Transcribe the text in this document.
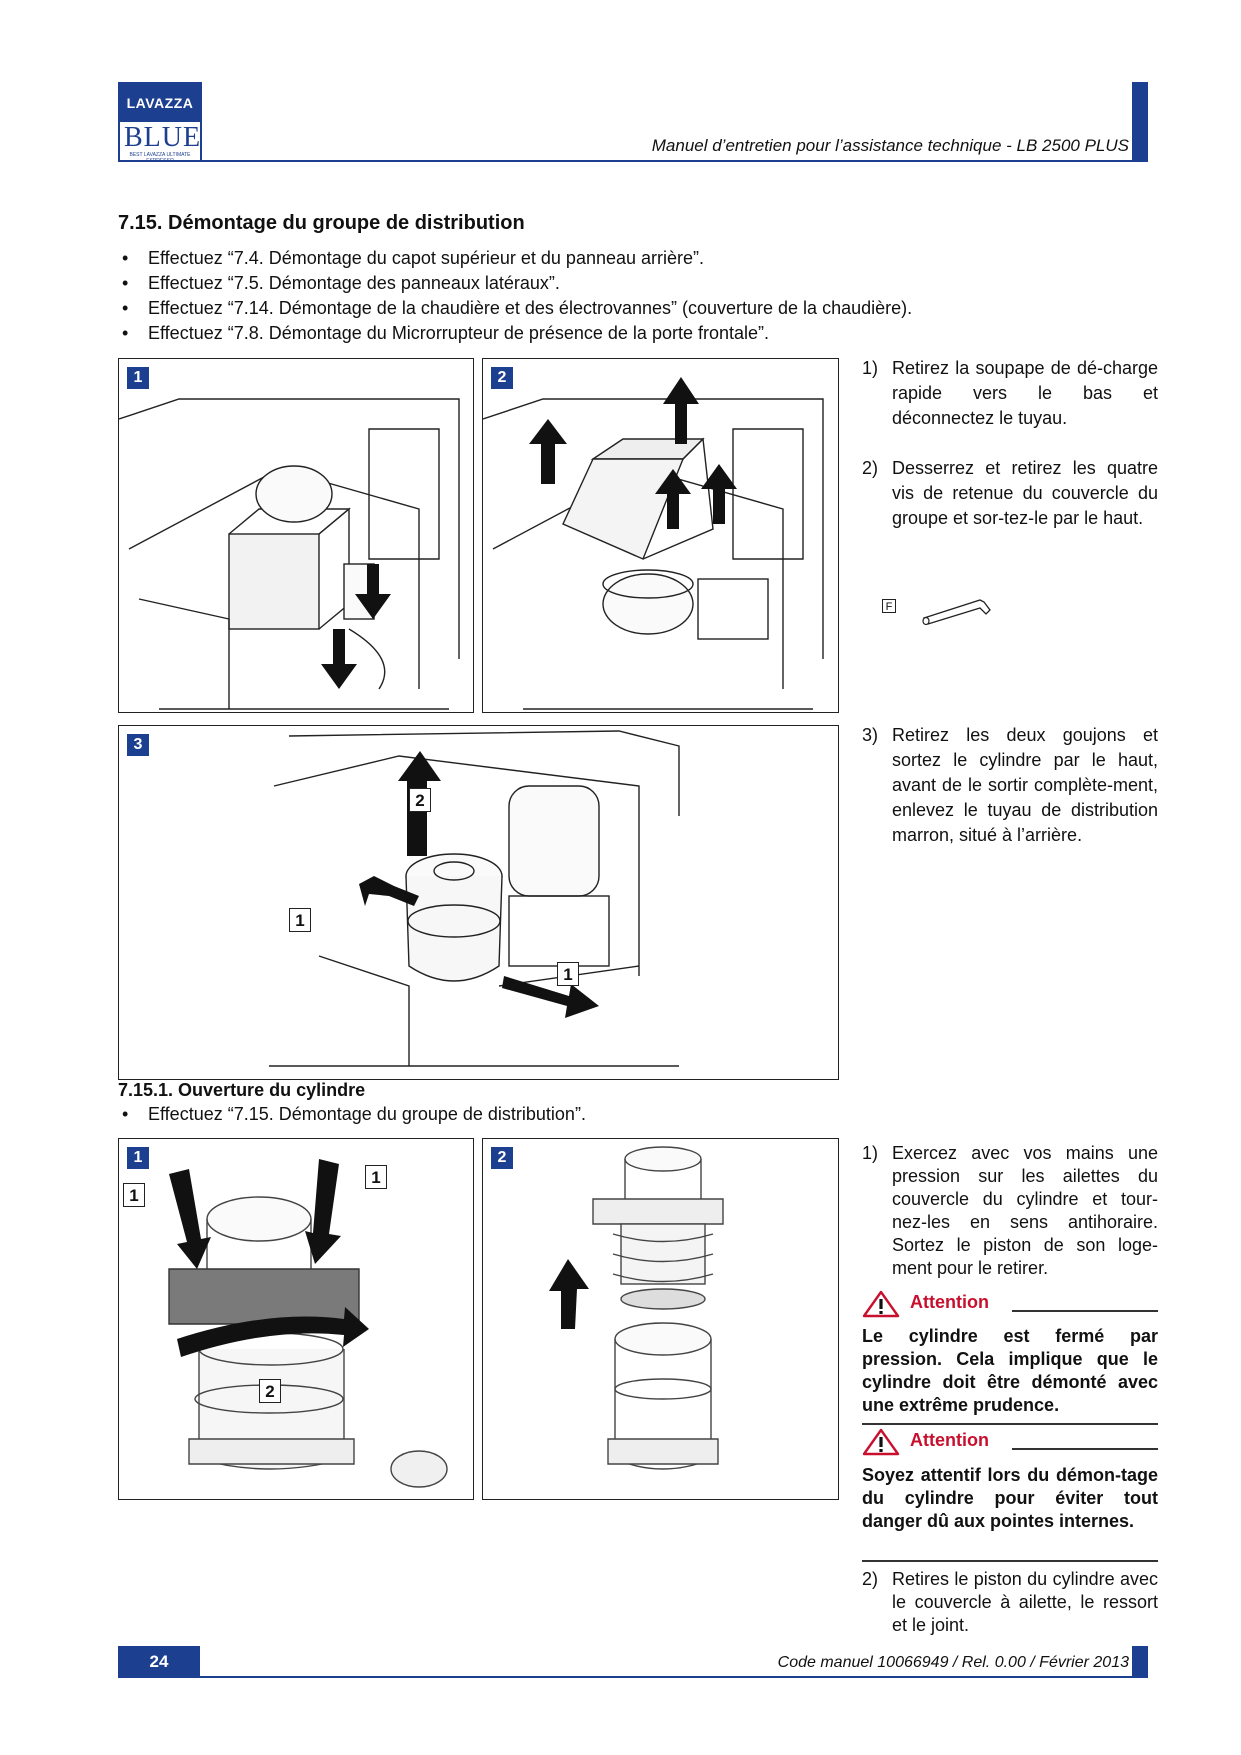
LAVAZZA
BLUE
BEST LAVAZZA ULTIMATE	Manuel d’entretien pour l’assistance technique - LB 2500 PLUS
7.15. Démontage du groupe de distribution
• Effectuez “7.4. Démontage du capot supérieur et du panneau arrière”.
• Effectuez “7.5. Démontage des panneaux latéraux”.
• Effectuez “7.14. Démontage de la chaudière et des électrovannes” (couverture de la chaudière).
• Effectuez “7.8. Démontage du Microrrupteur de présence de la porte frontale”.
1	2	1) Retirez la soupape de dé-charge rapide vers le bas et déconnectez le tuyau.
2) Desserrez et retirez les quatre vis de retenue du couvercle du groupe et sor-tez-le par le haut.
F
3
2
1
1
3) Retirez les deux goujons et sortez le cylindre par le haut, avant de le sortir complète-ment, enlevez le tuyau de distribution marron, situé à l’arrière.
7.15.1. Ouverture du cylindre
• Effectuez “7.15. Démontage du groupe de distribution”.
1
1
1
2
2	1) Exercez avec vos mains une pression sur les ailettes du couvercle du cylindre et tour-nez-les en sens antihoraire. Sortez le piston de son loge-ment pour le retirer.
Attention
Le cylindre est fermé par pression. Cela implique que le cylindre doit être démonté avec une extrême prudence.
Attention
Soyez attentif lors du démon-tage du cylindre pour éviter tout danger dû aux pointes internes.
2) Retires le piston du cylindre avec le couvercle à ailette, le ressort et le joint.
24	Code manuel 10066949 / Rel. 0.00 / Février 2013
